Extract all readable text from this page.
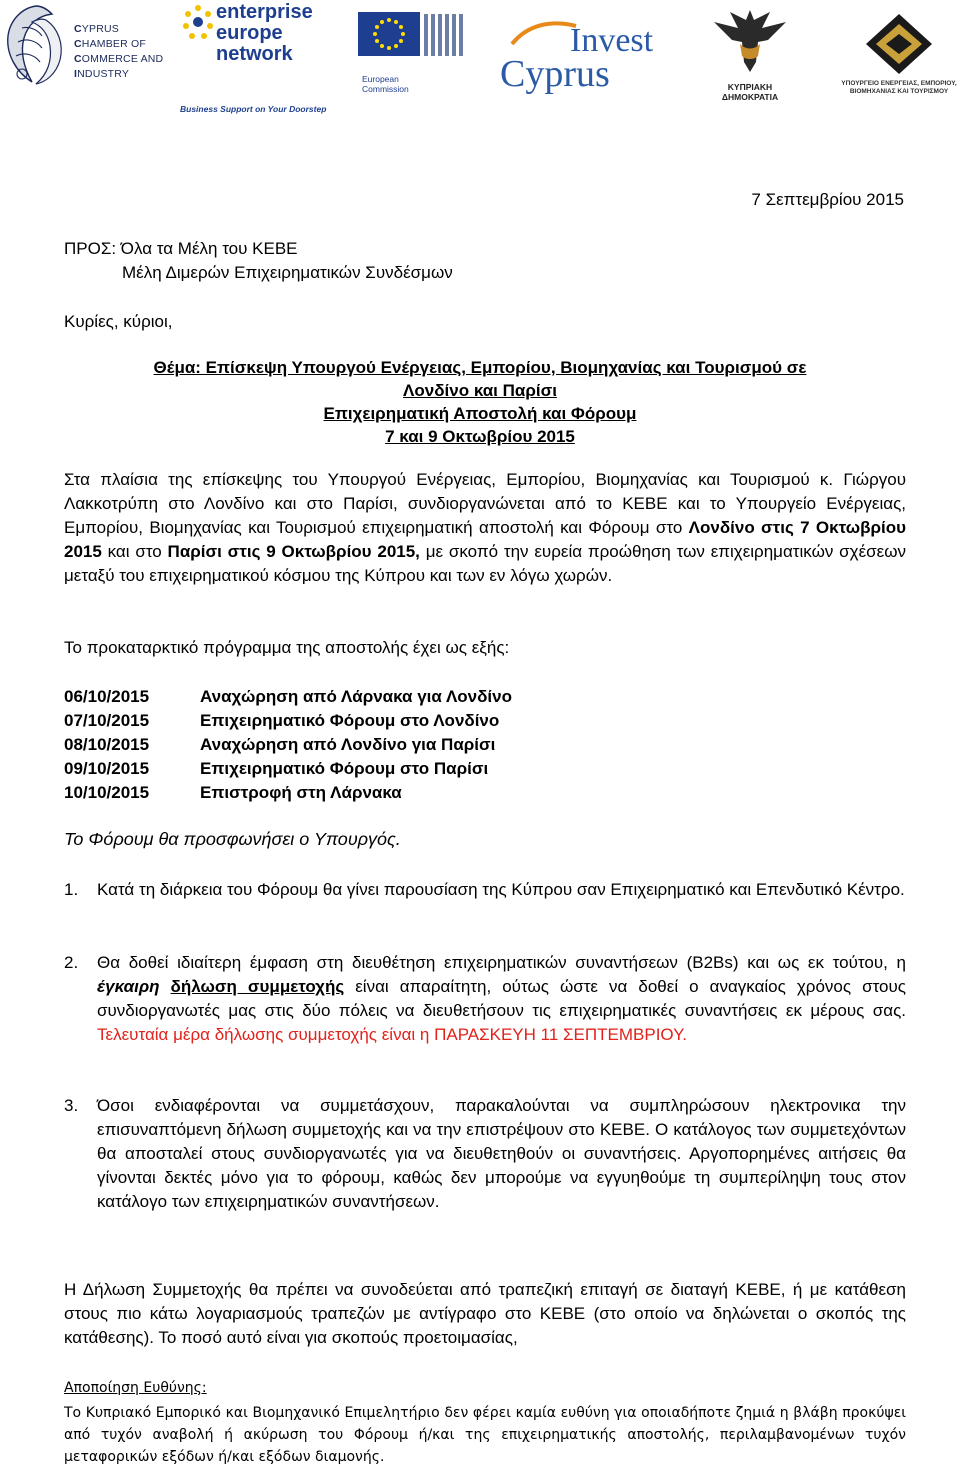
CYPRUS
CHAMBER OF
COMMERCE AND
INDUSTRY
enterprise
europe
network
Business Support on Your Doorstep
European
Commission
Invest
Cyprus	ΚΥΠΡΙΑΚΗ ΔΗΜΟΚΡΑΤΙΑ
ΥΠΟΥΡΓΕΙΟ ΕΝΕΡΓΕΙΑΣ, ΕΜΠΟΡΙΟΥ,
ΒΙΟΜΗΧΑΝΙΑΣ ΚΑΙ ΤΟΥΡΙΣΜΟΥ
7 Σεπτεμβρίου 2015
ΠΡΟΣ: Όλα τα Μέλη του ΚΕΒΕ
Μέλη Διμερών Επιχειρηματικών Συνδέσμων
Κυρίες, κύριοι,
Θέμα: Επίσκεψη Υπουργού Ενέργειας, Εμπορίου, Βιομηχανίας και Τουρισμού σε
Λονδίνο και Παρίσι
Επιχειρηματική Αποστολή και Φόρουμ
7 και 9 Οκτωβρίου 2015
Στα πλαίσια της επίσκεψης του Υπουργού Ενέργειας, Εμπορίου, Βιομηχανίας και Τουρισμού κ. Γιώργου Λακκοτρύπη στο Λονδίνο και στο Παρίσι, συνδιοργανώνεται από το ΚΕΒΕ και το Υπουργείο Ενέργειας, Εμπορίου, Βιομηχανίας και Τουρισμού επιχειρηματική αποστολή και Φόρουμ στο Λονδίνο στις 7 Οκτωβρίου 2015 και στο Παρίσι στις 9 Οκτωβρίου 2015, με σκοπό την ευρεία προώθηση των επιχειρηματικών σχέσεων μεταξύ του επιχειρηματικού κόσμου της Κύπρου και των εν λόγω χωρών.
Το προκαταρκτικό πρόγραμμα της αποστολής έχει ως εξής:
06/10/2015	Αναχώρηση από Λάρνακα για Λονδίνο
07/10/2015	Επιχειρηματικό Φόρουμ στο Λονδίνο
08/10/2015	Αναχώρηση από Λονδίνο για Παρίσι
09/10/2015	Επιχειρηματικό Φόρουμ στο Παρίσι
10/10/2015	Επιστροφή στη Λάρνακα
Το Φόρουμ θα προσφωνήσει ο Υπουργός.
1.	Κατά τη διάρκεια του Φόρουμ θα γίνει παρουσίαση της Κύπρου σαν Επιχειρηματικό και Επενδυτικό Κέντρο.
2.	Θα δοθεί ιδιαίτερη έμφαση στη διευθέτηση επιχειρηματικών συναντήσεων (B2Bs) και ως εκ τούτου, η έγκαιρη δήλωση συμμετοχής είναι απαραίτητη, ούτως ώστε να δοθεί ο αναγκαίος χρόνος στους συνδιοργανωτές μας στις δύο πόλεις να διευθετήσουν τις επιχειρηματικές συναντήσεις εκ μέρους σας. Τελευταία μέρα δήλωσης συμμετοχής είναι η ΠΑΡΑΣΚΕΥΗ 11 ΣΕΠΤΕΜΒΡΙΟΥ.
3.	Όσοι ενδιαφέρονται να συμμετάσχουν, παρακαλούνται να συμπληρώσουν ηλεκτρονικα την επισυναπτόμενη δήλωση συμμετοχής και να την επιστρέψουν στο ΚΕΒΕ. Ο κατάλογος των συμμετεχόντων θα αποσταλεί στους συνδιοργανωτές για να διευθετηθούν οι συναντήσεις. Αργοπορημένες αιτήσεις θα γίνονται δεκτές μόνο για το φόρουμ, καθώς δεν μπορούμε να εγγυηθούμε τη συμπερίληψη τους στον κατάλογο των επιχειρηματικών συναντήσεων.
Η Δήλωση Συμμετοχής θα πρέπει να συνοδεύεται από τραπεζική επιταγή σε διαταγή ΚΕΒΕ, ή με κατάθεση στους πιο κάτω λογαριασμούς τραπεζών με αντίγραφο στο ΚΕΒΕ (στο οποίο να δηλώνεται ο σκοπός της κατάθεσης). Το ποσό αυτό είναι για σκοπούς προετοιμασίας,
Αποποίηση Ευθύνης:
Το Κυπριακό Εμπορικό και Βιομηχανικό Επιμελητήριο δεν φέρει καμία ευθύνη για οποιαδήποτε ζημιά η βλάβη προκύψει από τυχόν αναβολή ή ακύρωση του Φόρουμ ή/και της επιχειρηματικής αποστολής, περιλαμβανομένων τυχόν μεταφορικών εξόδων ή/και εξόδων διαμονής.
